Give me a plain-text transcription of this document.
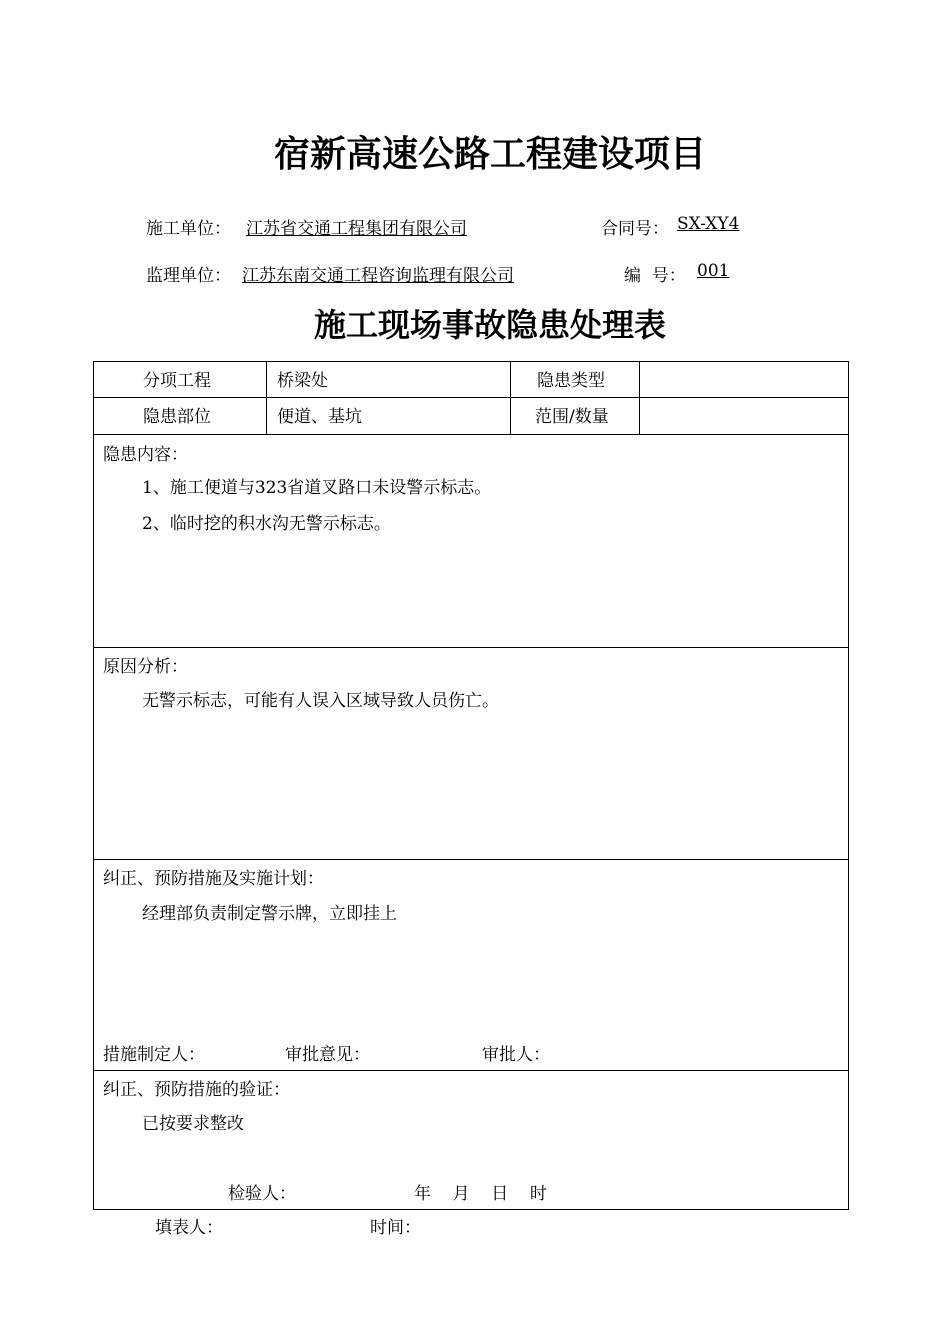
宿新高速公路工程建设项目
施工单位： 江苏省交通工程集团有限公司	合同号： SX-XY4
监理单位： 江苏东南交通工程咨询监理有限公司	编  号： 001
施工现场事故隐患处理表
分项工程	桥梁处	隐患类型
隐患部位	便道、基坑	范围/数量
隐患内容：
1、施工便道与323省道叉路口未设警示标志。
2、临时挖的积水沟无警示标志。
原因分析：
无警示标志，可能有人误入区域导致人员伤亡。
纠正、预防措施及实施计划：
经理部负责制定警示牌，立即挂上
措施制定人：	审批意见：	审批人：
纠正、预防措施的验证：
已按要求整改
检验人：	年    月    日    时
填表人：	时间：
